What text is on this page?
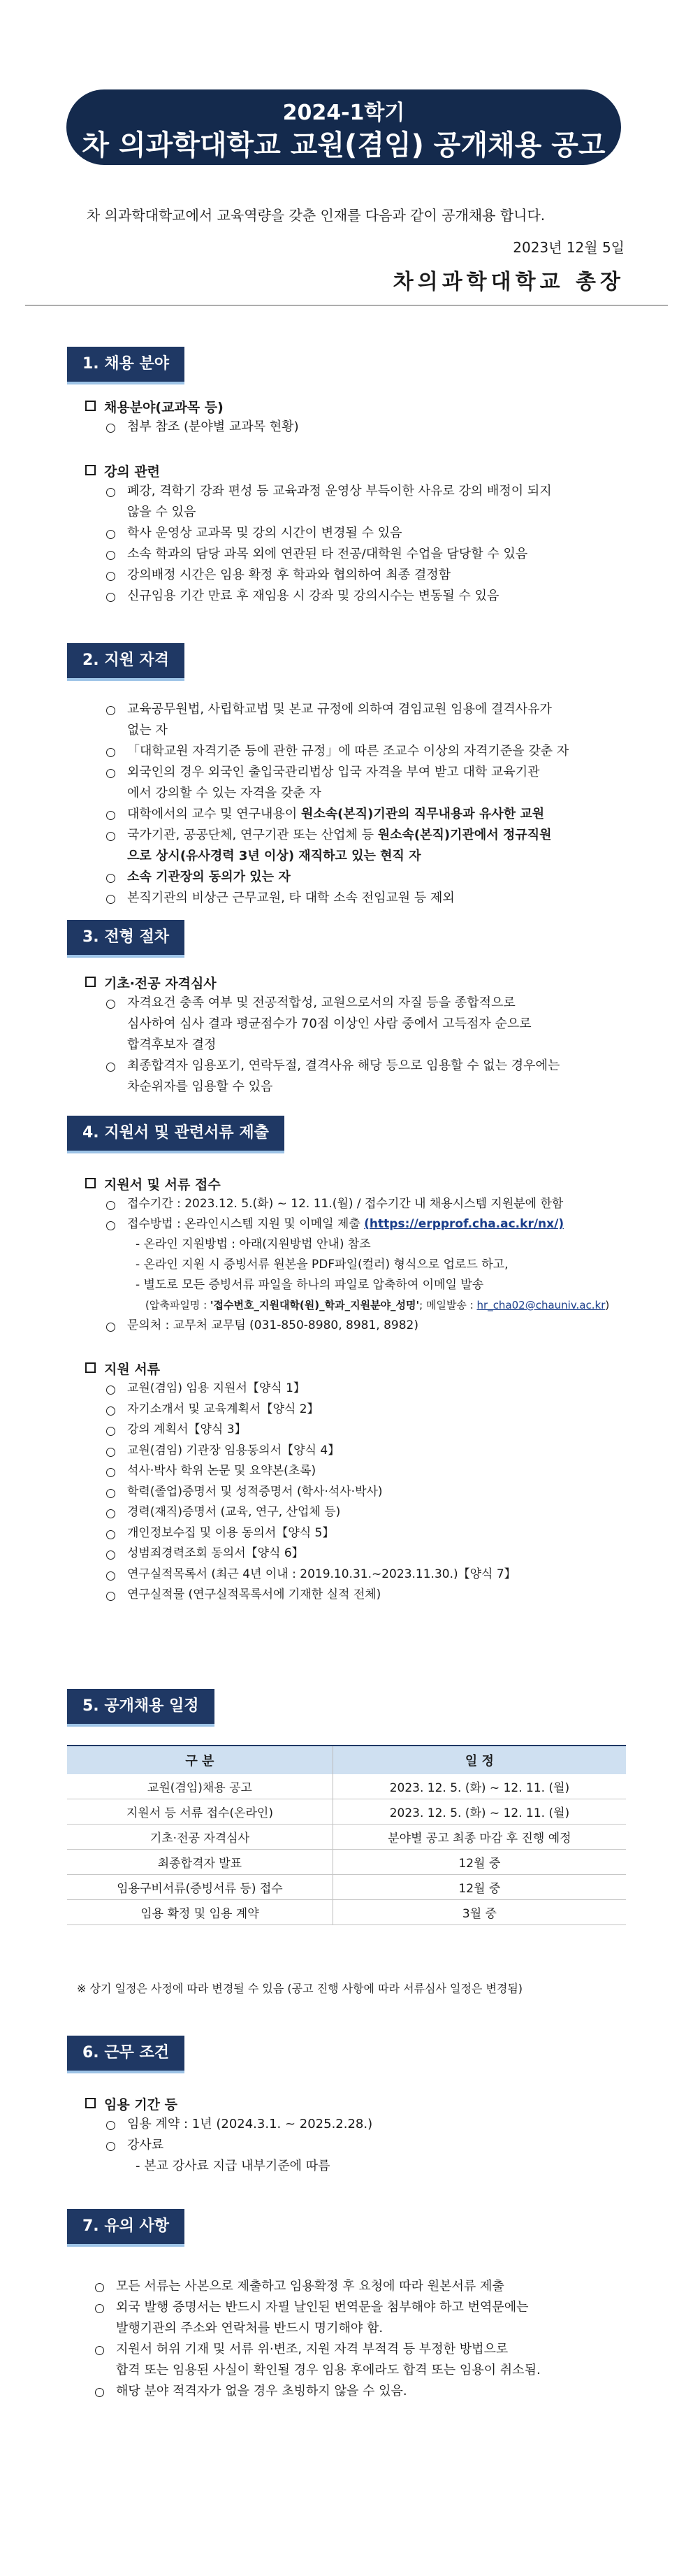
2024-1학기
차 의과학대학교 교원(겸임) 공개채용 공고
차 의과학대학교에서 교육역량을 갖춘 인재를 다음과 같이 공개채용 합니다.
2023년 12월 5일
차의과학대학교 총장
1. 채용 분야
채용분야(교과목 등)
첨부 참조 (분야별 교과목 현황)
강의 관련
폐강, 격학기 강좌 편성 등 교육과정 운영상 부득이한 사유로 강의 배정이 되지
않을 수 있음
학사 운영상 교과목 및 강의 시간이 변경될 수 있음
소속 학과의 담당 과목 외에 연관된 타 전공/대학원 수업을 담당할 수 있음
강의배정 시간은 임용 확정 후 학과와 협의하여 최종 결정함
신규임용 기간 만료 후 재임용 시 강좌 및 강의시수는 변동될 수 있음
2. 지원 자격
교육공무원법, 사립학교법 및 본교 규정에 의하여 겸임교원 임용에 결격사유가
없는 자
「대학교원 자격기준 등에 관한 규정」에 따른 조교수 이상의 자격기준을 갖춘 자
외국인의 경우 외국인 출입국관리법상 입국 자격을 부여 받고 대학 교육기관
에서 강의할 수 있는 자격을 갖춘 자
대학에서의 교수 및 연구내용이 원소속(본직)기관의 직무내용과 유사한 교원
국가기관, 공공단체, 연구기관 또는 산업체 등 원소속(본직)기관에서 정규직원
으로 상시(유사경력 3년 이상) 재직하고 있는 현직 자
소속 기관장의 동의가 있는 자
본직기관의 비상근 근무교원, 타 대학 소속 전임교원 등 제외
3. 전형 절차
기초·전공 자격심사
자격요건 충족 여부 및 전공적합성, 교원으로서의 자질 등을 종합적으로
심사하여 심사 결과 평균점수가 70점 이상인 사람 중에서 고득점자 순으로
합격후보자 결정
최종합격자 임용포기, 연락두절, 결격사유 해당 등으로 임용할 수 없는 경우에는
차순위자를 임용할 수 있음
4. 지원서 및 관련서류 제출
지원서 및 서류 접수
접수기간 : 2023.12. 5.(화) ~ 12. 11.(월) / 접수기간 내 채용시스템 지원분에 한함
접수방법 : 온라인시스템 지원 및 이메일 제출 (https://erpprof.cha.ac.kr/nx/)
- 온라인 지원방법 : 아래(지원방법 안내) 참조
- 온라인 지원 시 증빙서류 원본을 PDF파일(컬러) 형식으로 업로드 하고,
- 별도로 모든 증빙서류 파일을 하나의 파일로 압축하여 이메일 발송
(압축파일명 : '접수번호_지원대학(원)_학과_지원분야_성명'; 메일발송 : hr_cha02@chauniv.ac.kr)
문의처 : 교무처 교무팀 (031-850-8980, 8981, 8982)
지원 서류
교원(겸임) 임용 지원서【양식 1】
자기소개서 및 교육계획서【양식 2】
강의 계획서【양식 3】
교원(겸임) 기관장 임용동의서【양식 4】
석사·박사 학위 논문 및 요약본(초록)
학력(졸업)증명서 및 성적증명서 (학사·석사·박사)
경력(재직)증명서 (교육, 연구, 산업체 등)
개인정보수집 및 이용 동의서【양식 5】
성범죄경력조회 동의서【양식 6】
연구실적목록서 (최근 4년 이내 : 2019.10.31.~2023.11.30.)【양식 7】
연구실적물 (연구실적목록서에 기재한 실적 전체)
5. 공개채용 일정
구 분	일 정
교원(겸임)채용 공고	2023. 12. 5. (화) ~ 12. 11. (월)
지원서 등 서류 접수(온라인)	2023. 12. 5. (화) ~ 12. 11. (월)
기초·전공 자격심사	분야별 공고 최종 마감 후 진행 예정
최종합격자 발표	12월 중
임용구비서류(증빙서류 등) 접수	12월 중
임용 확정 및 임용 계약	3월 중
※ 상기 일정은 사정에 따라 변경될 수 있음 (공고 진행 사항에 따라 서류심사 일정은 변경됨)
6. 근무 조건
임용 기간 등
임용 계약 : 1년 (2024.3.1. ~ 2025.2.28.)
강사료
- 본교 강사료 지급 내부기준에 따름
7. 유의 사항
모든 서류는 사본으로 제출하고 임용확정 후 요청에 따라 원본서류 제출
외국 발행 증명서는 반드시 자필 날인된 번역문을 첨부해야 하고 번역문에는
발행기관의 주소와 연락처를 반드시 명기해야 함.
지원서 허위 기재 및 서류 위·변조, 지원 자격 부적격 등 부정한 방법으로
합격 또는 임용된 사실이 확인될 경우 임용 후에라도 합격 또는 임용이 취소됨.
해당 분야 적격자가 없을 경우 초빙하지 않을 수 있음.
